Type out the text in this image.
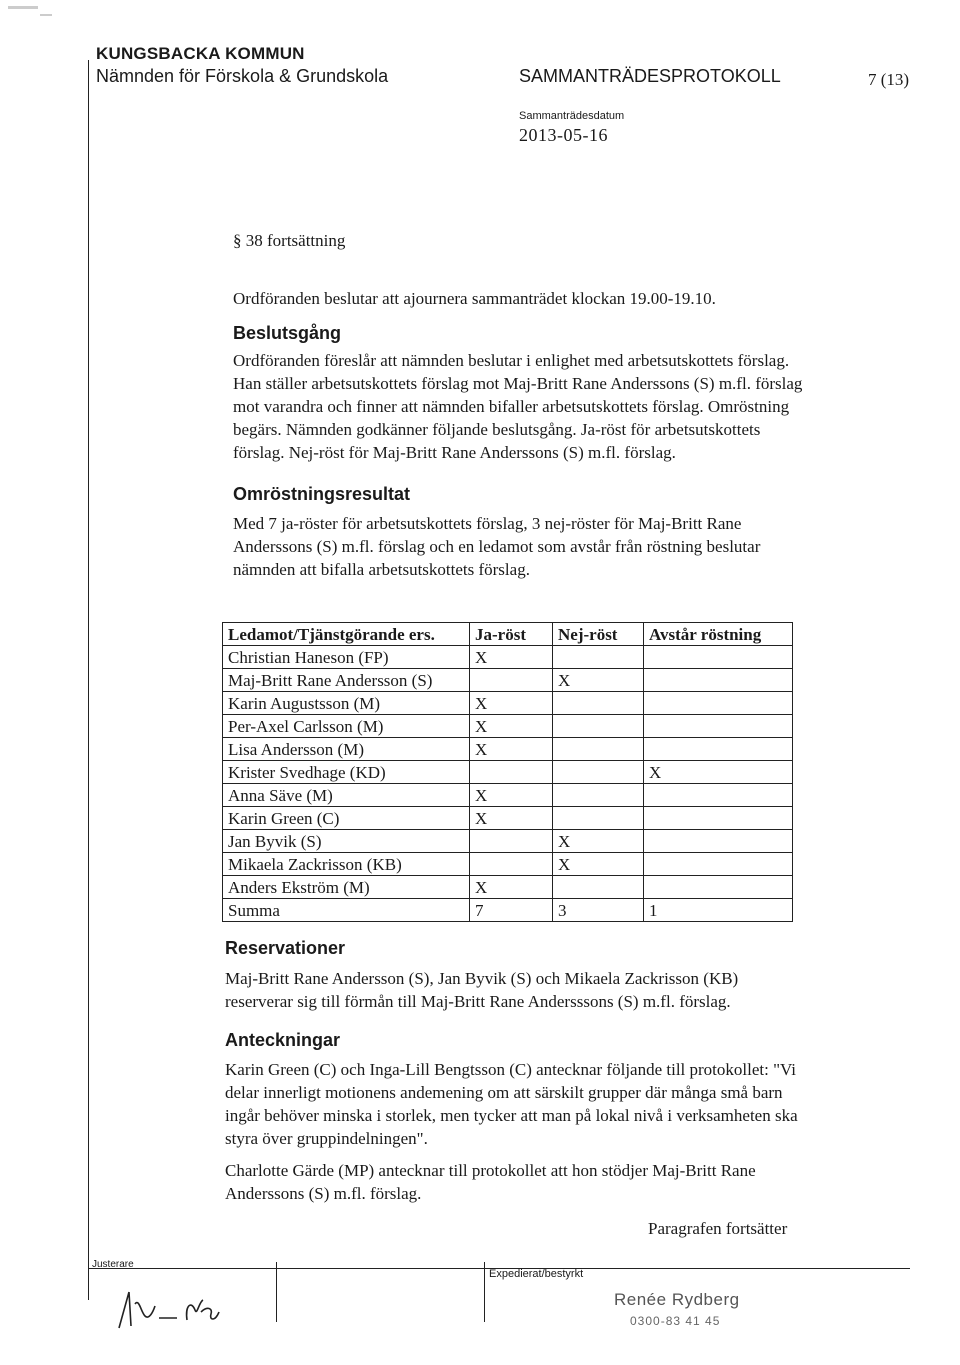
KUNGSBACKA KOMMUN
Nämnden för Förskola & Grundskola	SAMMANTRÄDESPROTOKOLL	7 (13)
Sammanträdesdatum
2013-05-16
§ 38 fortsättning
Ordföranden beslutar att ajournera sammanträdet klockan 19.00-19.10.
Beslutsgång
Ordföranden föreslår att nämnden beslutar i enlighet med arbetsutskottets förslag.
Han ställer arbetsutskottets förslag mot Maj-Britt Rane Anderssons (S) m.fl. förslag
mot varandra och finner att nämnden bifaller arbetsutskottets förslag. Omröstning
begärs. Nämnden godkänner följande beslutsgång. Ja-röst för arbetsutskottets
förslag. Nej-röst för Maj-Britt Rane Anderssons (S) m.fl. förslag.
Omröstningsresultat
Med 7 ja-röster för arbetsutskottets förslag, 3 nej-röster för Maj-Britt Rane
Anderssons (S) m.fl. förslag och en ledamot som avstår från röstning beslutar
nämnden att bifalla arbetsutskottets förslag.
Ledamot/Tjänstgörande ers.	Ja-röst	Nej-röst	Avstår röstning
Christian Haneson (FP)	X		
Maj-Britt Rane Andersson (S)		X	
Karin Augustsson (M)	X		
Per-Axel Carlsson (M)	X		
Lisa Andersson (M)	X		
Krister Svedhage (KD)			X
Anna Säve (M)	X		
Karin Green (C)	X		
Jan Byvik (S)		X	
Mikaela Zackrisson (KB)		X	
Anders Ekström (M)	X		
Summa	7	3	1
Reservationer
Maj-Britt Rane Andersson (S), Jan Byvik (S) och Mikaela Zackrisson (KB)
reserverar sig till förmån till Maj-Britt Rane Andersssons (S) m.fl. förslag.
Anteckningar
Karin Green (C) och Inga-Lill Bengtsson (C) antecknar följande till protokollet: "Vi
delar innerligt motionens andemening om att särskilt grupper där många små barn
ingår behöver minska i storlek, men tycker att man på lokal nivå i verksamheten ska
styra över gruppindelningen".
Charlotte Gärde (MP) antecknar till protokollet att hon stödjer Maj-Britt Rane
Anderssons (S) m.fl. förslag.
Paragrafen fortsätter
Justerare
Expedierat/bestyrkt
Renée Rydberg
0300-83 41 45
